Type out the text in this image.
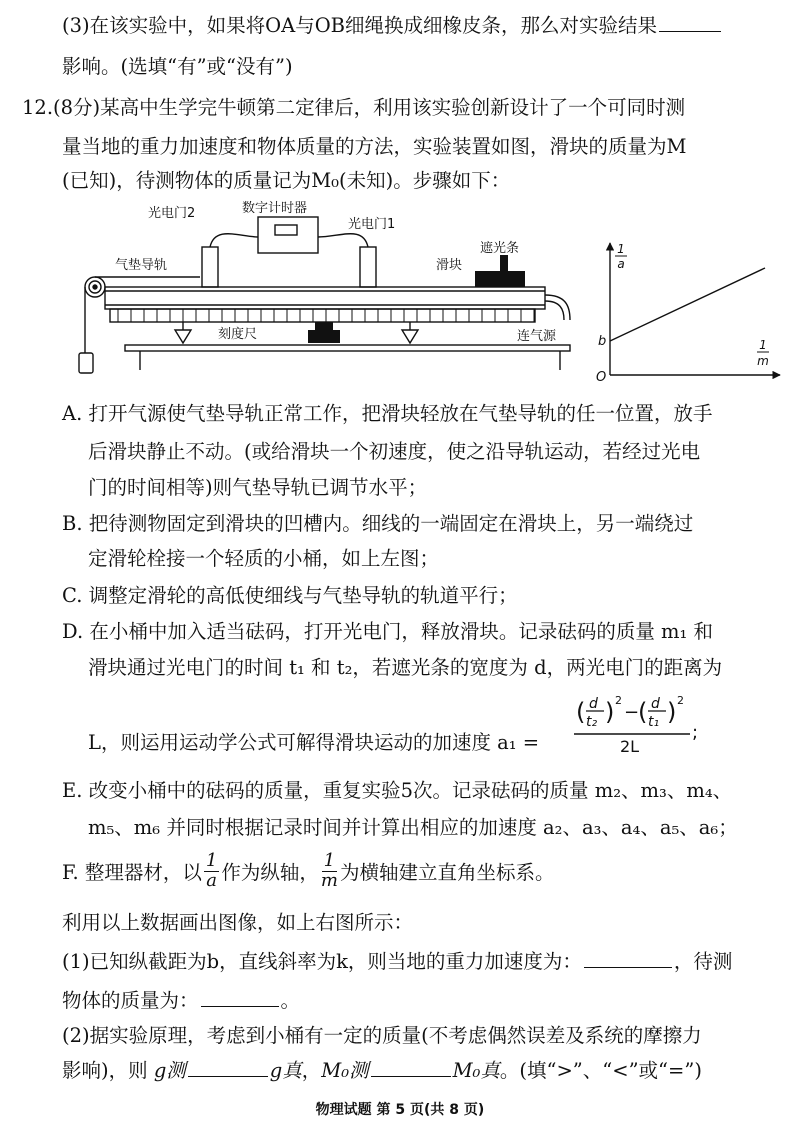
(3)在该实验中，如果将OA与OB细绳换成细橡皮条，那么对实验结果
影响。(选填“有”或“没有”)
12.(8分)某高中生学完牛顿第二定律后，利用该实验创新设计了一个可同时测
量当地的重力加速度和物体质量的方法，实验装置如图，滑块的质量为M
(已知)，待测物体的质量记为M₀(未知)。步骤如下：
光电门2	数字计时器
光电门1
气垫导轨	滑块
遮光条
刻度尺	连气源
1
a
1
m
b
O
A. 打开气源使气垫导轨正常工作，把滑块轻放在气垫导轨的任一位置，放手
后滑块静止不动。(或给滑块一个初速度，使之沿导轨运动，若经过光电
门的时间相等)则气垫导轨已调节水平；
B. 把待测物固定到滑块的凹槽内。细线的一端固定在滑块上，另一端绕过
定滑轮栓接一个轻质的小桶，如上左图；
C. 调整定滑轮的高低使细线与气垫导轨的轨道平行；
D. 在小桶中加入适当砝码，打开光电门，释放滑块。记录砝码的质量 m₁ 和
滑块通过光电门的时间 t₁ 和 t₂，若遮光条的宽度为 d，两光电门的距离为
L，则运用运动学公式可解得滑块运动的加速度 a₁ =
( d
t₂ ) 2
−
( d
t₁ ) 2
2L
;
E. 改变小桶中的砝码的质量，重复实验5次。记录砝码的质量 m₂、m₃、m₄、
m₅、m₆ 并同时根据记录时间并计算出相应的加速度 a₂、a₃、a₄、a₅、a₆；
F. 整理器材，以 $\frac{1}{a}$ 作为纵轴， $\frac{1}{m}$ 为横轴建立直角坐标系。
利用以上数据画出图像，如上右图所示：
(1)已知纵截距为b，直线斜率为k，则当地的重力加速度为：	，待测
物体的质量为：	。
(2)据实验原理，考虑到小桶有一定的质量(不考虑偶然误差及系统的摩擦力
影响)，则 g测	g真，M₀测	M₀真。(填“>”、“<”或“=”)
物理试题 第 5 页(共 8 页)
